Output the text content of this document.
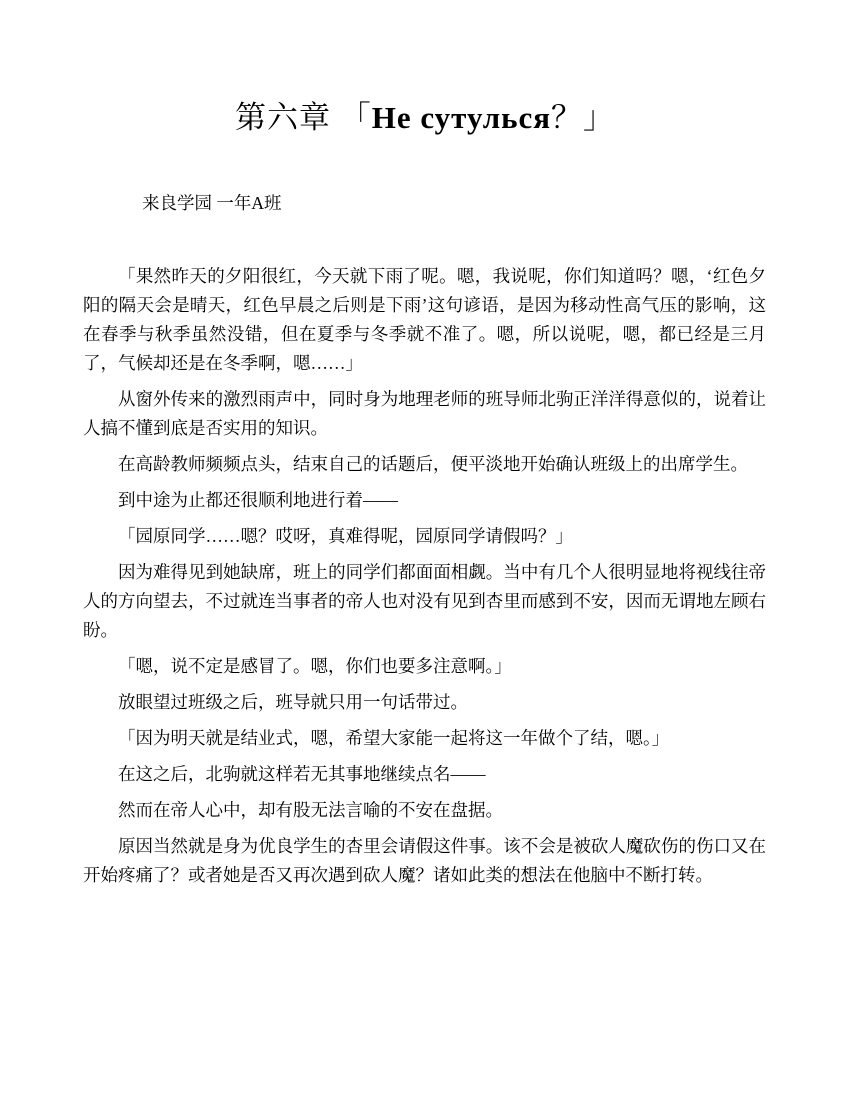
第六章 「Не сутулься？」

来良学园 一年A班

「果然昨天的夕阳很红，今天就下雨了呢。嗯，我说呢，你们知道吗？嗯，‘红色夕阳的隔天会是晴天，红色早晨之后则是下雨’这句谚语，是因为移动性高气压的影响，这在春季与秋季虽然没错，但在夏季与冬季就不准了。嗯，所以说呢，嗯，都已经是三月了，气候却还是在冬季啊，嗯……」

从窗外传来的激烈雨声中，同时身为地理老师的班导师北驹正洋洋得意似的，说着让人搞不懂到底是否实用的知识。

在高龄教师频频点头，结束自己的话题后，便平淡地开始确认班级上的出席学生。

到中途为止都还很顺利地进行着——

「园原同学……嗯？哎呀，真难得呢，园原同学请假吗？」

因为难得见到她缺席，班上的同学们都面面相觑。当中有几个人很明显地将视线往帝人的方向望去，不过就连当事者的帝人也对没有见到杏里而感到不安，因而无谓地左顾右盼。

「嗯，说不定是感冒了。嗯，你们也要多注意啊。」

放眼望过班级之后，班导就只用一句话带过。

「因为明天就是结业式，嗯，希望大家能一起将这一年做个了结，嗯。」

在这之后，北驹就这样若无其事地继续点名——

然而在帝人心中，却有股无法言喻的不安在盘据。

原因当然就是身为优良学生的杏里会请假这件事。该不会是被砍人魔砍伤的伤口又在开始疼痛了？或者她是否又再次遇到砍人魔？诸如此类的想法在他脑中不断打转。
